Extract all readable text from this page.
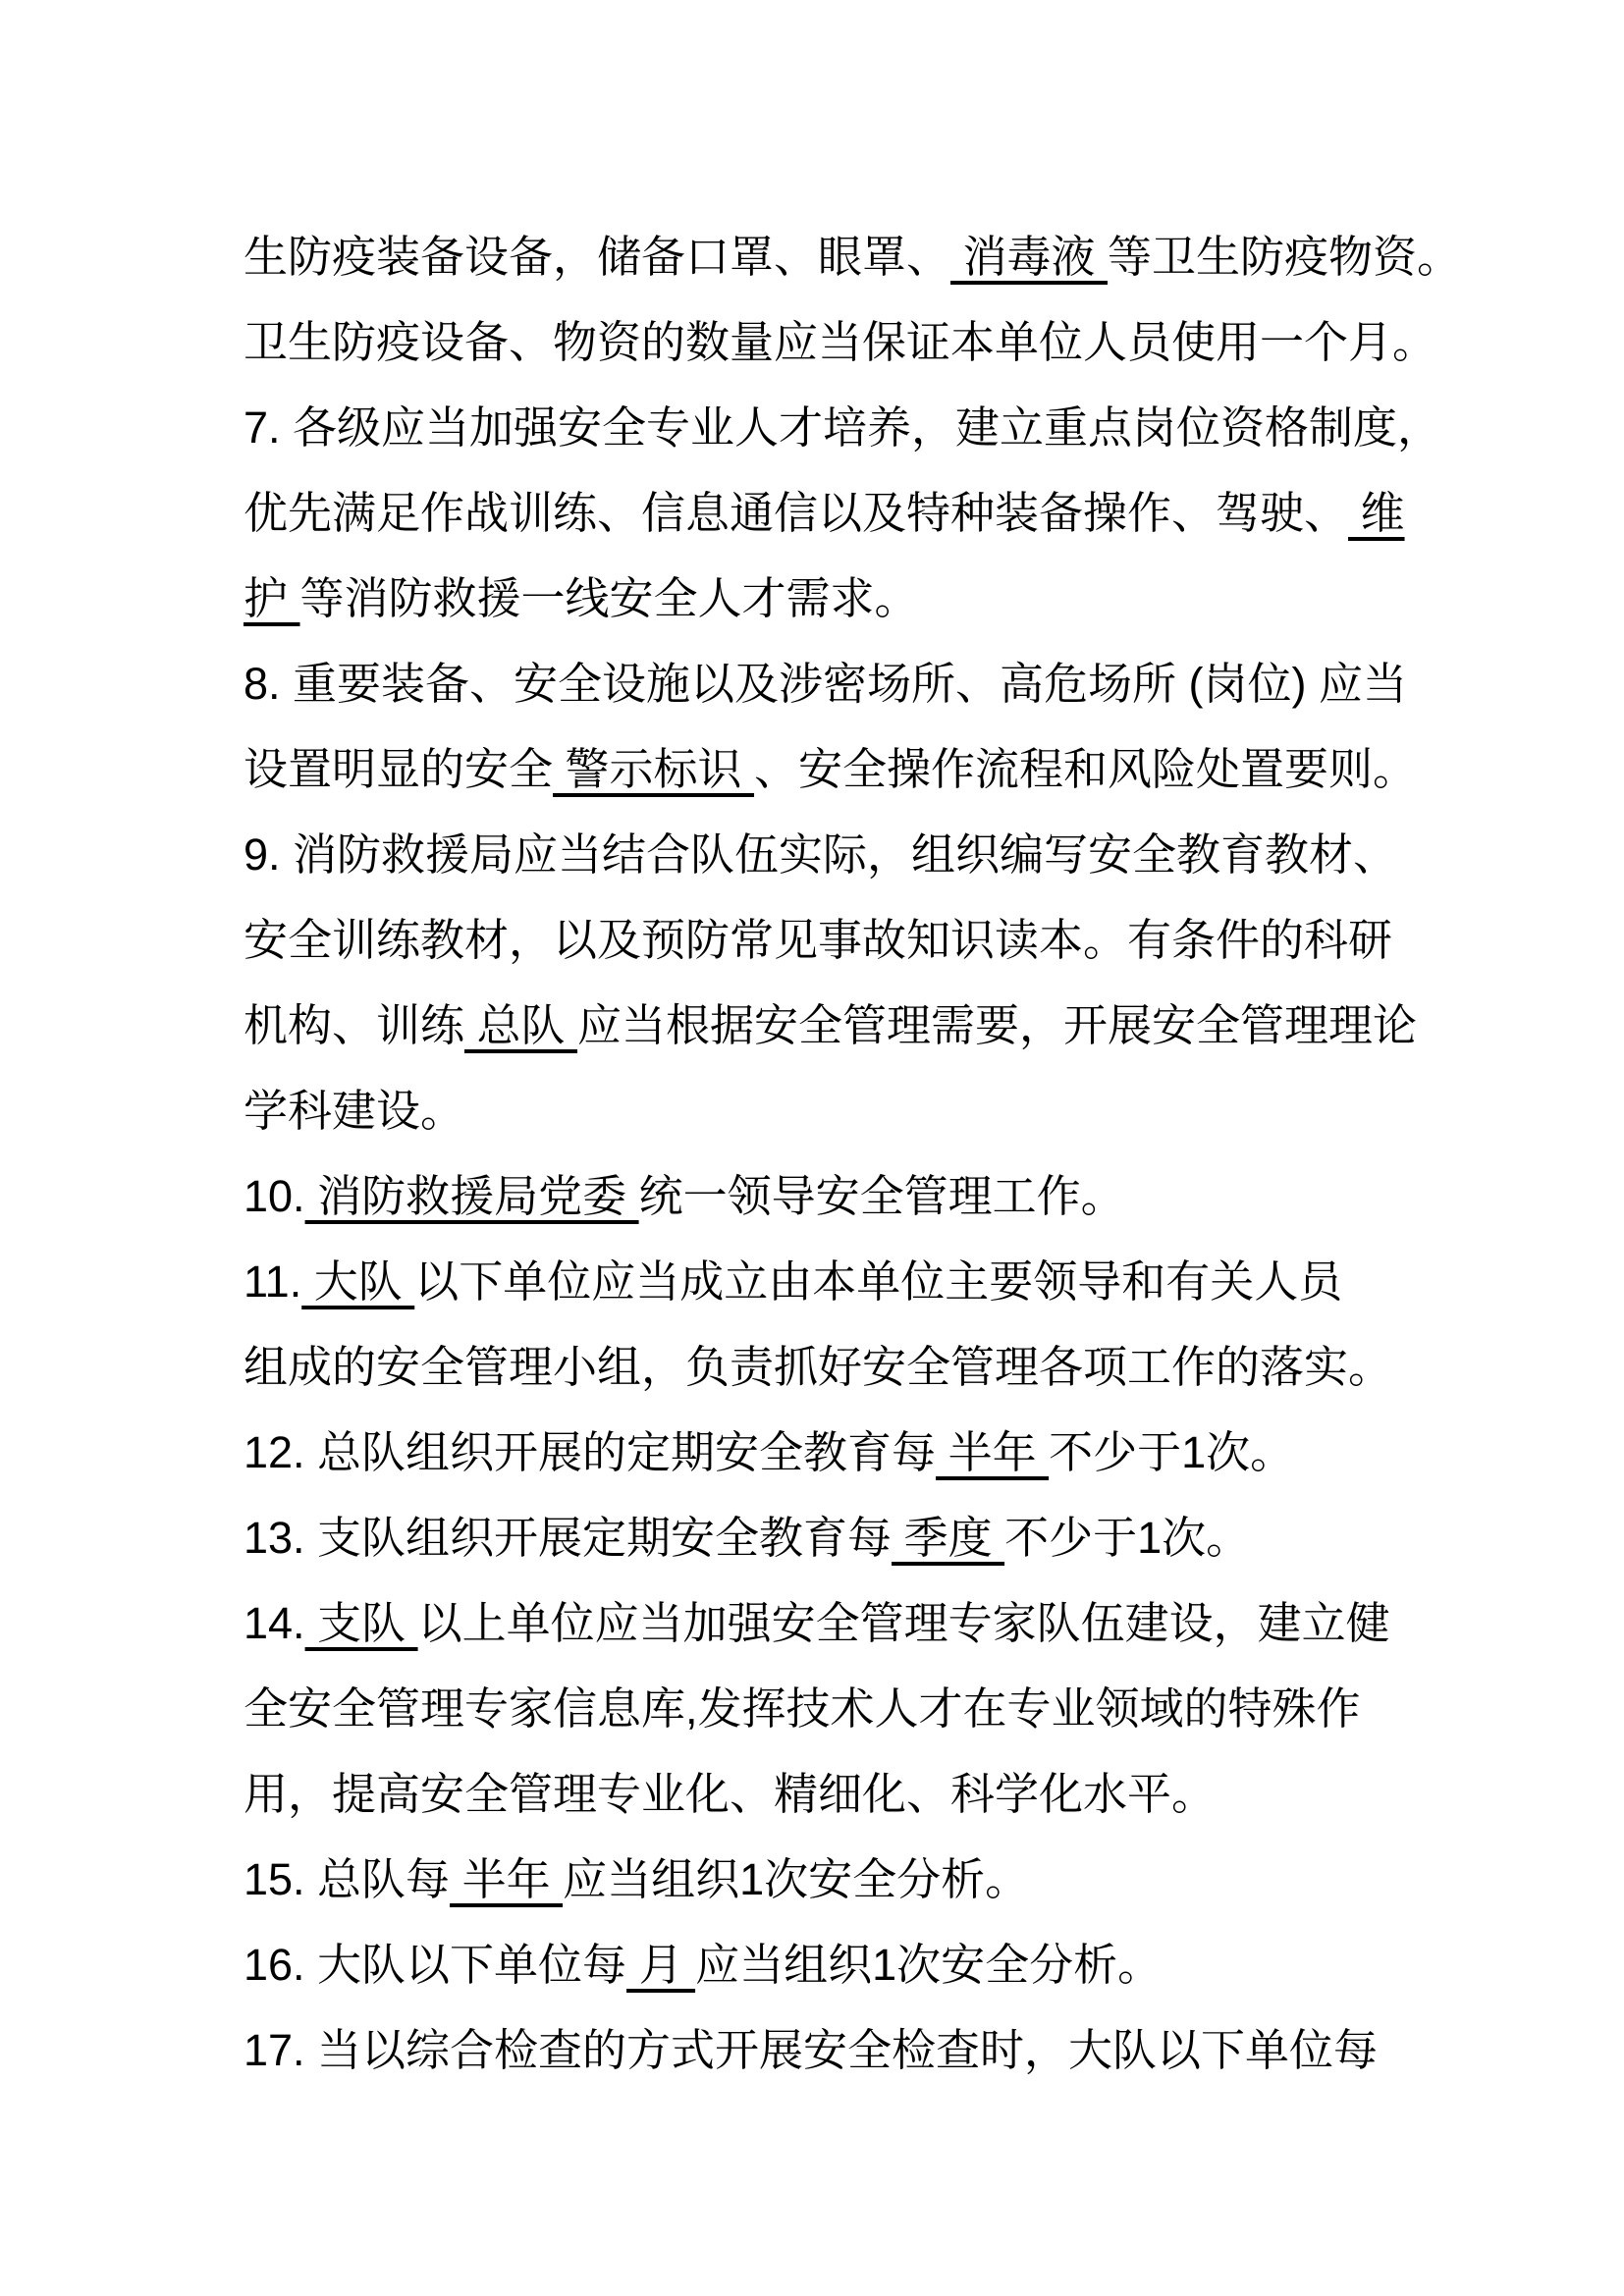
生防疫装备设备，储备口罩、眼罩、 消毒液 等卫生防疫物资。
卫生防疫设备、物资的数量应当保证本单位人员使用一个月。
7. 各级应当加强安全专业人才培养，建立重点岗位资格制度，
优先满足作战训练、信息通信以及特种装备操作、驾驶、 维
护 等消防救援一线安全人才需求。
8. 重要装备、安全设施以及涉密场所、高危场所 (岗位) 应当
设置明显的安全 警示标识 、安全操作流程和风险处置要则。
9. 消防救援局应当结合队伍实际，组织编写安全教育教材、
安全训练教材，以及预防常见事故知识读本。有条件的科研
机构、训练 总队 应当根据安全管理需要，开展安全管理理论
学科建设。
10. 消防救援局党委 统一领导安全管理工作。
11. 大队 以下单位应当成立由本单位主要领导和有关人员
组成的安全管理小组，负责抓好安全管理各项工作的落实。
12. 总队组织开展的定期安全教育每 半年 不少于1次。
13. 支队组织开展定期安全教育每 季度 不少于1次。
14. 支队 以上单位应当加强安全管理专家队伍建设，建立健
全安全管理专家信息库,发挥技术人才在专业领域的特殊作
用，提高安全管理专业化、精细化、科学化水平。
15. 总队每 半年 应当组织1次安全分析。
16. 大队以下单位每 月 应当组织1次安全分析。
17. 当以综合检查的方式开展安全检查时，大队以下单位每
